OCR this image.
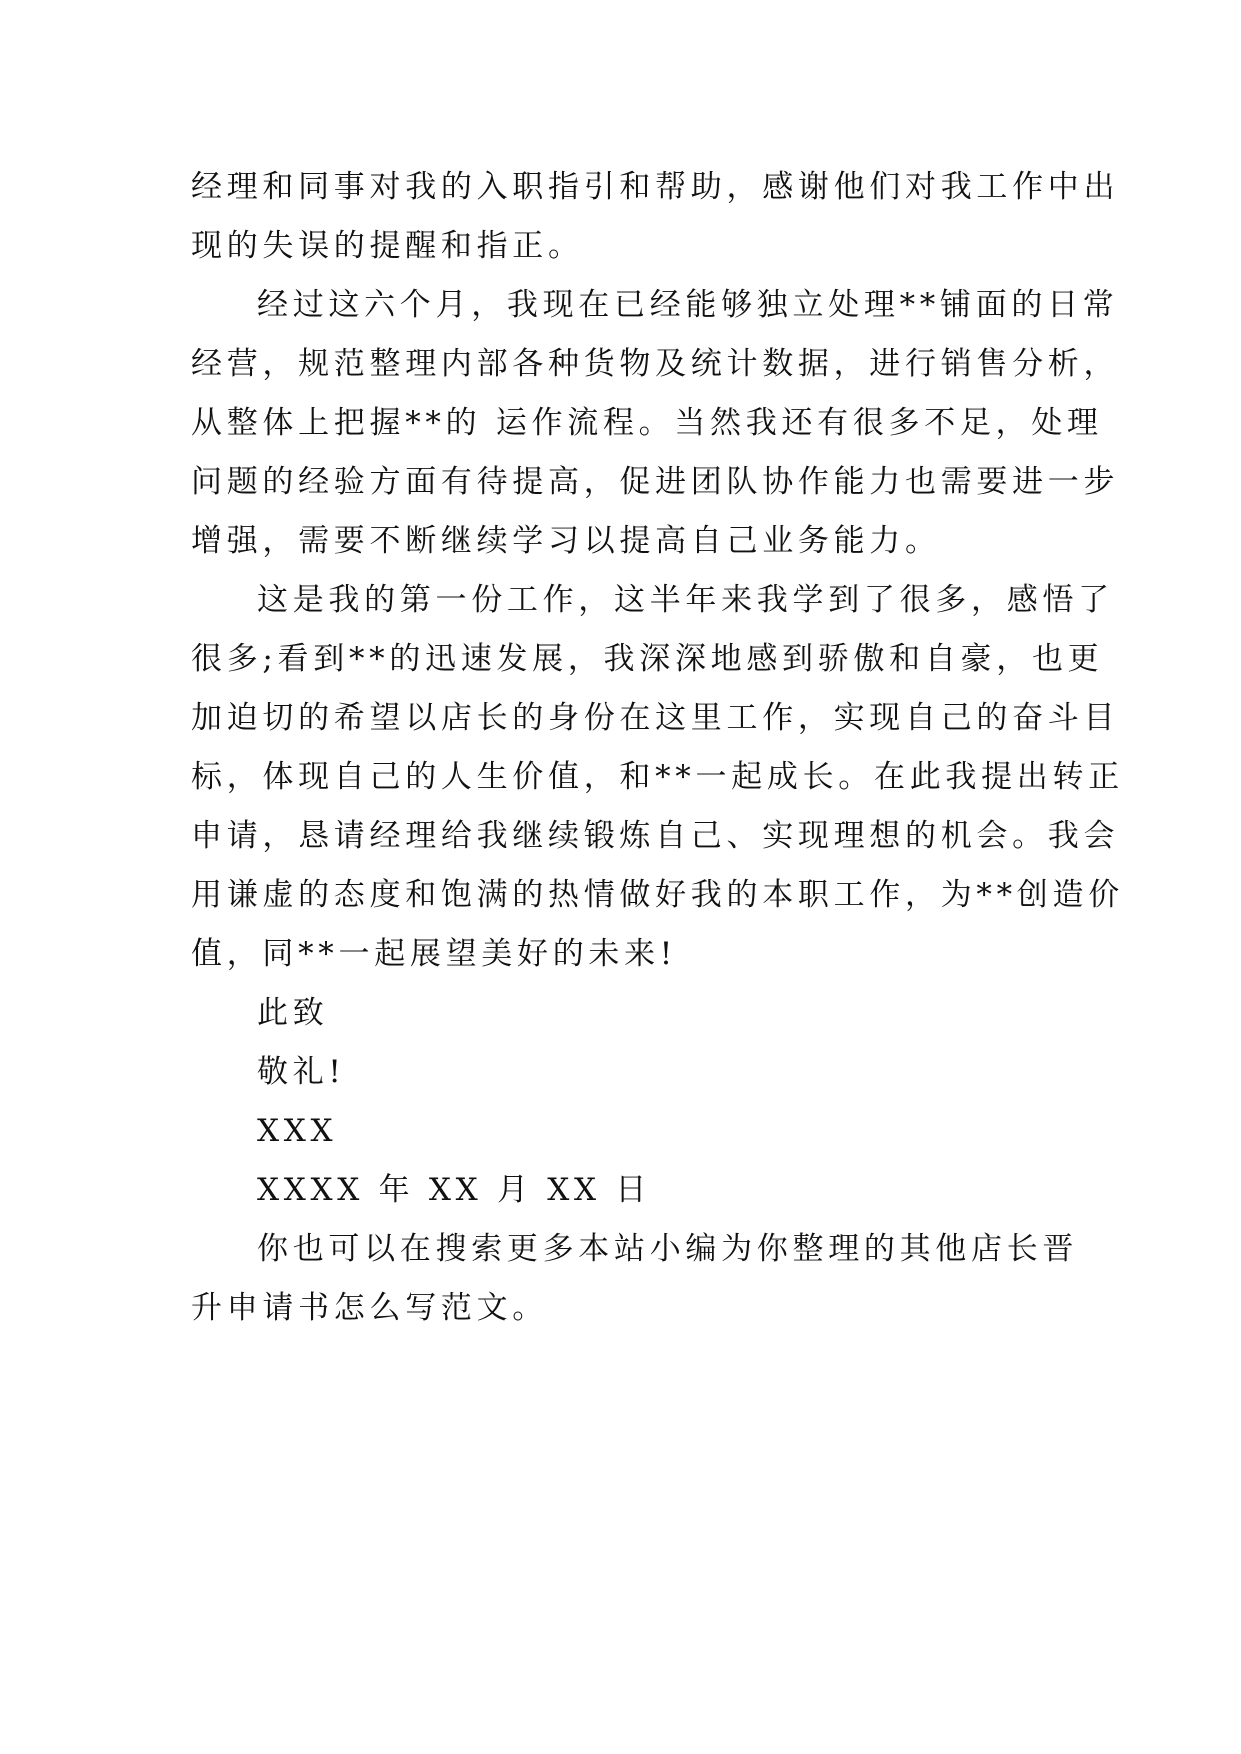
经理和同事对我的入职指引和帮助，感谢他们对我工作中出
现的失误的提醒和指正。
经过这六个月，我现在已经能够独立处理**铺面的日常
经营，规范整理内部各种货物及统计数据，进行销售分析，
从整体上把握**的 运作流程。当然我还有很多不足，处理
问题的经验方面有待提高，促进团队协作能力也需要进一步
增强，需要不断继续学习以提高自己业务能力。
这是我的第一份工作，这半年来我学到了很多，感悟了
很多;看到**的迅速发展，我深深地感到骄傲和自豪，也更
加迫切的希望以店长的身份在这里工作，实现自己的奋斗目
标，体现自己的人生价值，和**一起成长。在此我提出转正
申请，恳请经理给我继续锻炼自己、实现理想的机会。我会
用谦虚的态度和饱满的热情做好我的本职工作，为**创造价
值，同**一起展望美好的未来!
此致
敬礼!
XXX
XXXX 年 XX 月 XX 日
你也可以在搜索更多本站小编为你整理的其他店长晋
升申请书怎么写范文。
